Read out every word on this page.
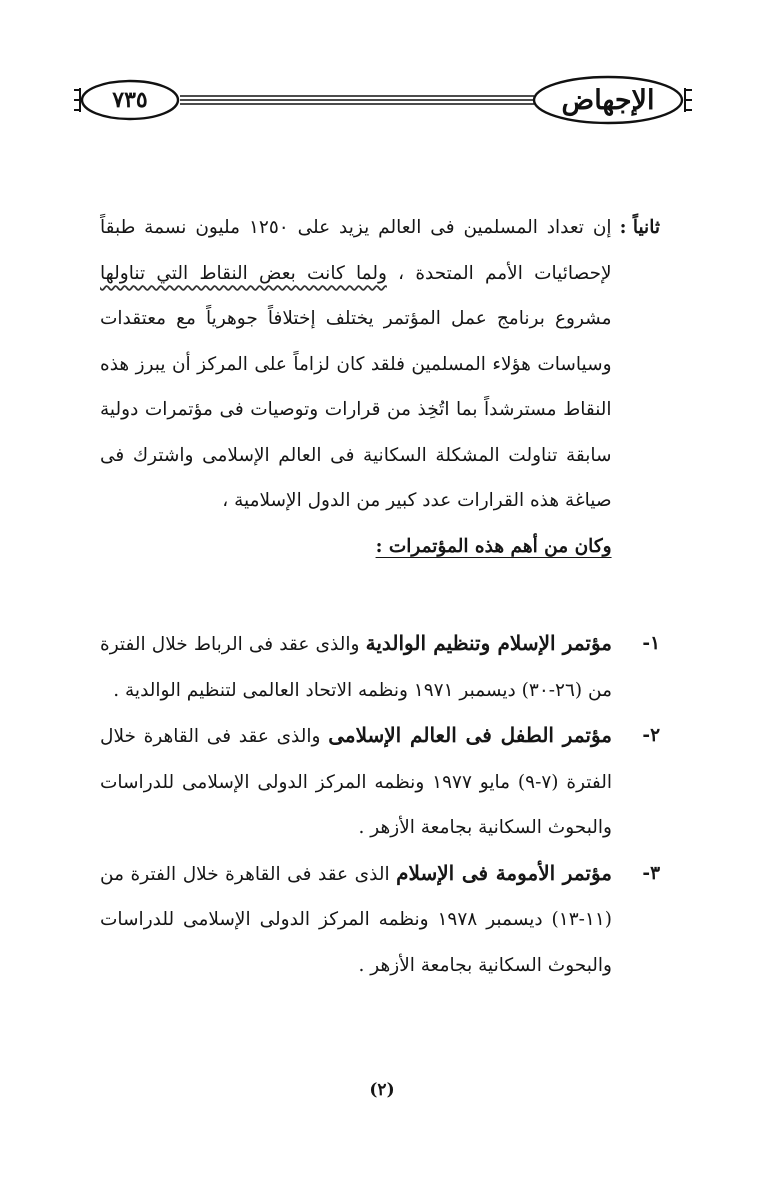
الإجهاض
٧٣٥
ثانياً :

إن تعداد المسلمين فى العالم يزيد على ١٢٥٠ مليون نسمة طبقاً لإحصائيات الأمم المتحدة ، ولما كانت بعض النقاط التي تناولها مشروع برنامج عمل المؤتمر يختلف إختلافاً جوهرياً مع معتقدات وسياسات هؤلاء المسلمين فلقد كان لزاماً على المركز أن يبرز هذه النقاط مسترشداً بما اتُخِذ من قرارات وتوصيات فى مؤتمرات دولية سابقة تناولت المشكلة السكانية فى العالم الإسلامى واشترك فى صياغة هذه القرارات عدد كبير من الدول الإسلامية ،

وكان من أهم هذه المؤتمرات :

١-
مؤتمر الإسلام وتنظيم الوالدية والذى عقد فى الرباط خلال الفترة من (٢٦-٣٠) ديسمبر ١٩٧١ ونظمه الاتحاد العالمى لتنظيم الوالدية .
٢-
مؤتمر الطفل فى العالم الإسلامى والذى عقد فى القاهرة خلال الفترة (٧-٩) مايو ١٩٧٧ ونظمه المركز الدولى الإسلامى للدراسات والبحوث السكانية بجامعة الأزهر .
٣-
مؤتمر الأمومة فى الإسلام الذى عقد فى القاهرة خلال الفترة من (١١-١٣) ديسمبر ١٩٧٨ ونظمه المركز الدولى الإسلامى للدراسات والبحوث السكانية بجامعة الأزهر .
(٢)
